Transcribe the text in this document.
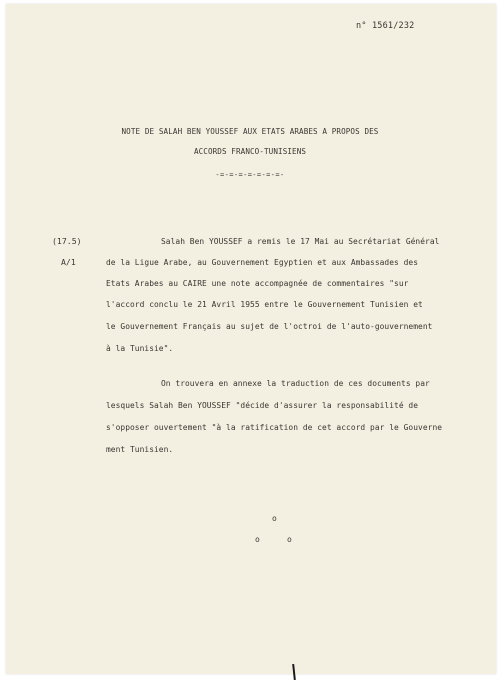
n° 1561/232
NOTE DE SALAH BEN YOUSSEF AUX ETATS ARABES A PROPOS DES
ACCORDS FRANCO-TUNISIENS
-=-=-=-=-=-=-=-
(17.5)
A/1
Salah Ben YOUSSEF a remis le 17 Mai au Secrétariat Général
de la Ligue Arabe, au Gouvernement Egyptien et aux Ambassades des
Etats Arabes au CAIRE une note accompagnée de commentaires "sur
l'accord conclu le 21 Avril 1955 entre le Gouvernement Tunisien et
le Gouvernement Français au sujet de l'octroi de l'auto-gouvernement
à la Tunisie".
On trouvera en annexe la traduction de ces documents par
lesquels Salah Ben YOUSSEF "décide d'assurer la responsabilité de
s'opposer ouvertement "à la ratification de cet accord par le Gouverne
ment Tunisien.
o
o	o
